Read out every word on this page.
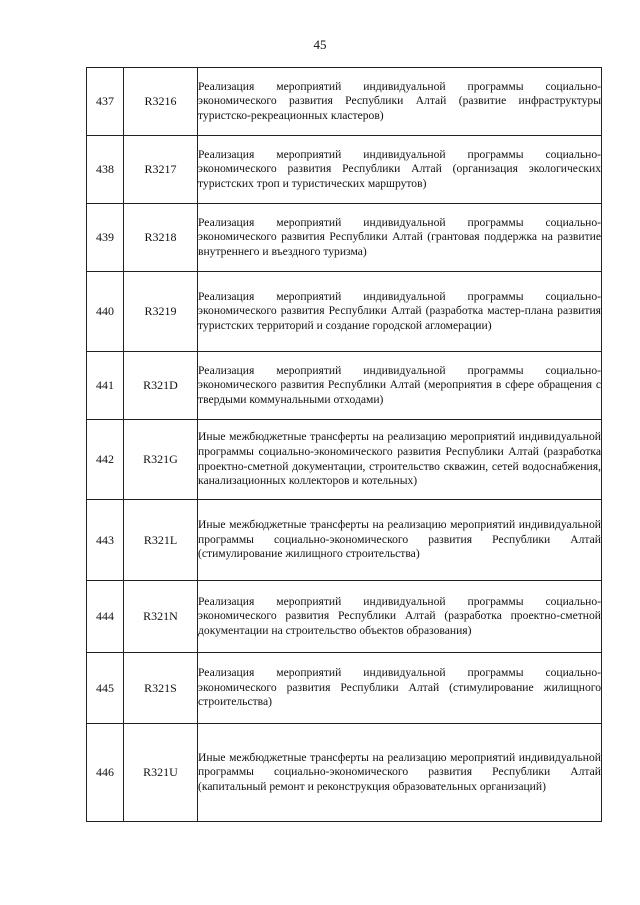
45
437	R3216	Реализация мероприятий индивидуальной программы социально-экономического развития Республики Алтай (развитие инфраструктуры туристско-рекреационных кластеров)
438	R3217	Реализация мероприятий индивидуальной программы социально-экономического развития Республики Алтай (организация экологических туристских троп и туристических маршрутов)
439	R3218	Реализация мероприятий индивидуальной программы социально-экономического развития Республики Алтай (грантовая поддержка на развитие внутреннего и въездного туризма)
440	R3219	Реализация мероприятий индивидуальной программы социально-экономического развития Республики Алтай (разработка мастер-плана развития туристских территорий и создание городской агломерации)
441	R321D	Реализация мероприятий индивидуальной программы социально-экономического развития Республики Алтай (мероприятия в сфере обращения с твердыми коммунальными отходами)
442	R321G	Иные межбюджетные трансферты на реализацию мероприятий индивидуальной программы социально-экономического развития Республики Алтай (разработка проектно-сметной документации, строительство скважин, сетей водоснабжения, канализационных коллекторов и котельных)
443	R321L	Иные межбюджетные трансферты на реализацию мероприятий индивидуальной программы социально-экономического развития Республики Алтай (стимулирование жилищного строительства)
444	R321N	Реализация мероприятий индивидуальной программы социально-экономического развития Республики Алтай (разработка проектно-сметной документации на строительство объектов образования)
445	R321S	Реализация мероприятий индивидуальной программы социально-экономического развития Республики Алтай (стимулирование жилищного строительства)
446	R321U	Иные межбюджетные трансферты на реализацию мероприятий индивидуальной программы социально-экономического развития Республики Алтай (капитальный ремонт и реконструкция образовательных организаций)
